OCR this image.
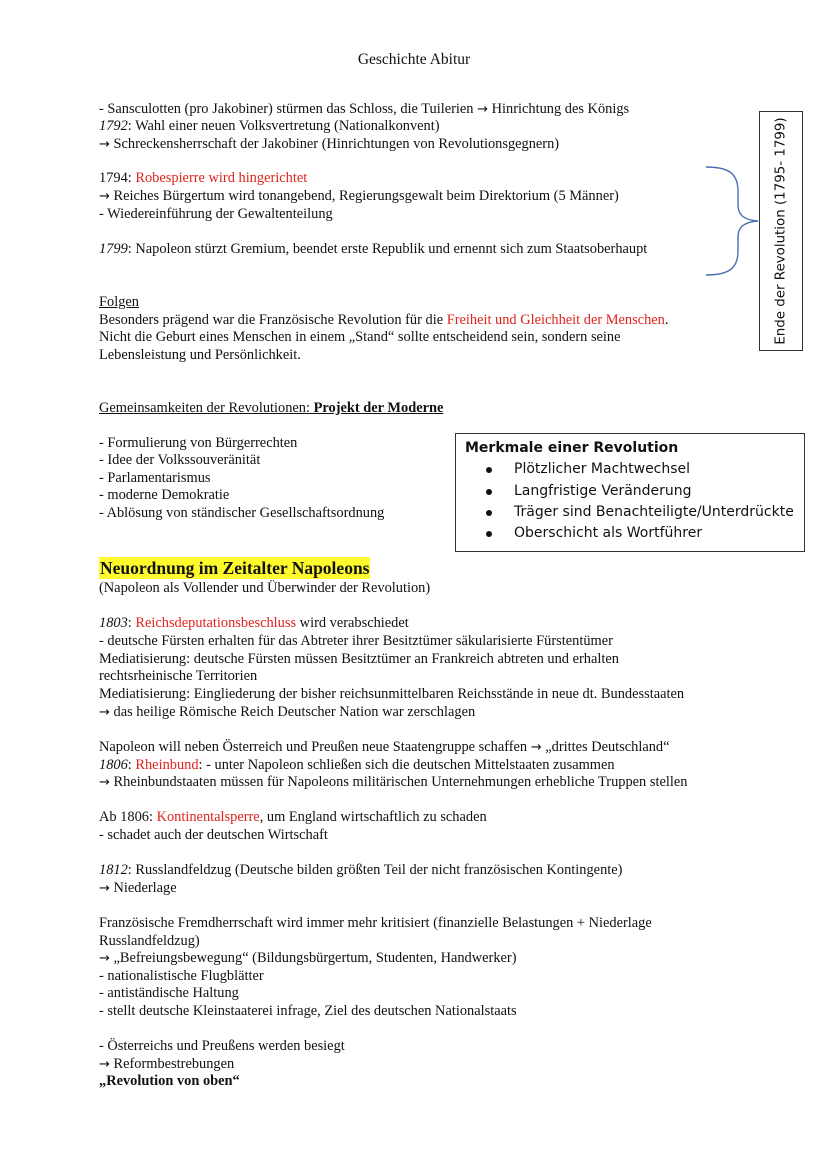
Geschichte Abitur
- Sansculotten (pro Jakobiner) stürmen das Schloss, die Tuilerien → Hinrichtung des Königs
1792: Wahl einer neuen Volksvertretung (Nationalkonvent)
→ Schreckensherrschaft der Jakobiner (Hinrichtungen von Revolutionsgegnern)
1794: Robespierre wird hingerichtet
→ Reiches Bürgertum wird tonangebend, Regierungsgewalt beim Direktorium (5 Männer)
- Wiedereinführung der Gewaltenteilung
1799: Napoleon stürzt Gremium, beendet erste Republik und ernennt sich zum Staatsoberhaupt	Ende der Revolution (1795- 1799)
Folgen
Besonders prägend war die Französische Revolution für die Freiheit und Gleichheit der Menschen.
Nicht die Geburt eines Menschen in einem „Stand“ sollte entscheidend sein, sondern seine
Lebensleistung und Persönlichkeit.
Gemeinsamkeiten der Revolutionen: Projekt der Moderne
- Formulierung von Bürgerrechten
- Idee der Volkssouveränität
- Parlamentarismus
- moderne Demokratie
- Ablösung von ständischer Gesellschaftsordnung
Merkmale einer Revolution
Plötzlicher Machtwechsel
Langfristige Veränderung
Träger sind Benachteiligte/Unterdrückte
Oberschicht als Wortführer
Neuordnung im Zeitalter Napoleons
(Napoleon als Vollender und Überwinder der Revolution)
1803: Reichsdeputationsbeschluss wird verabschiedet
- deutsche Fürsten erhalten für das Abtreter ihrer Besitztümer säkularisierte Fürstentümer
Mediatisierung: deutsche Fürsten müssen Besitztümer an Frankreich abtreten und erhalten
rechtsrheinische Territorien
Mediatisierung: Eingliederung der bisher reichsunmittelbaren Reichsstände in neue dt. Bundesstaaten
→ das heilige Römische Reich Deutscher Nation war zerschlagen
Napoleon will neben Österreich und Preußen neue Staatengruppe schaffen → „drittes Deutschland“
1806: Rheinbund: - unter Napoleon schließen sich die deutschen Mittelstaaten zusammen
→ Rheinbundstaaten müssen für Napoleons militärischen Unternehmungen erhebliche Truppen stellen
Ab 1806: Kontinentalsperre, um England wirtschaftlich zu schaden
- schadet auch der deutschen Wirtschaft
1812: Russlandfeldzug (Deutsche bilden größten Teil der nicht französischen Kontingente)
→ Niederlage
Französische Fremdherrschaft wird immer mehr kritisiert (finanzielle Belastungen + Niederlage
Russlandfeldzug)
→ „Befreiungsbewegung“ (Bildungsbürgertum, Studenten, Handwerker)
- nationalistische Flugblätter
- antiständische Haltung
- stellt deutsche Kleinstaaterei infrage, Ziel des deutschen Nationalstaats
- Österreichs und Preußens werden besiegt
→ Reformbestrebungen
„Revolution von oben“
